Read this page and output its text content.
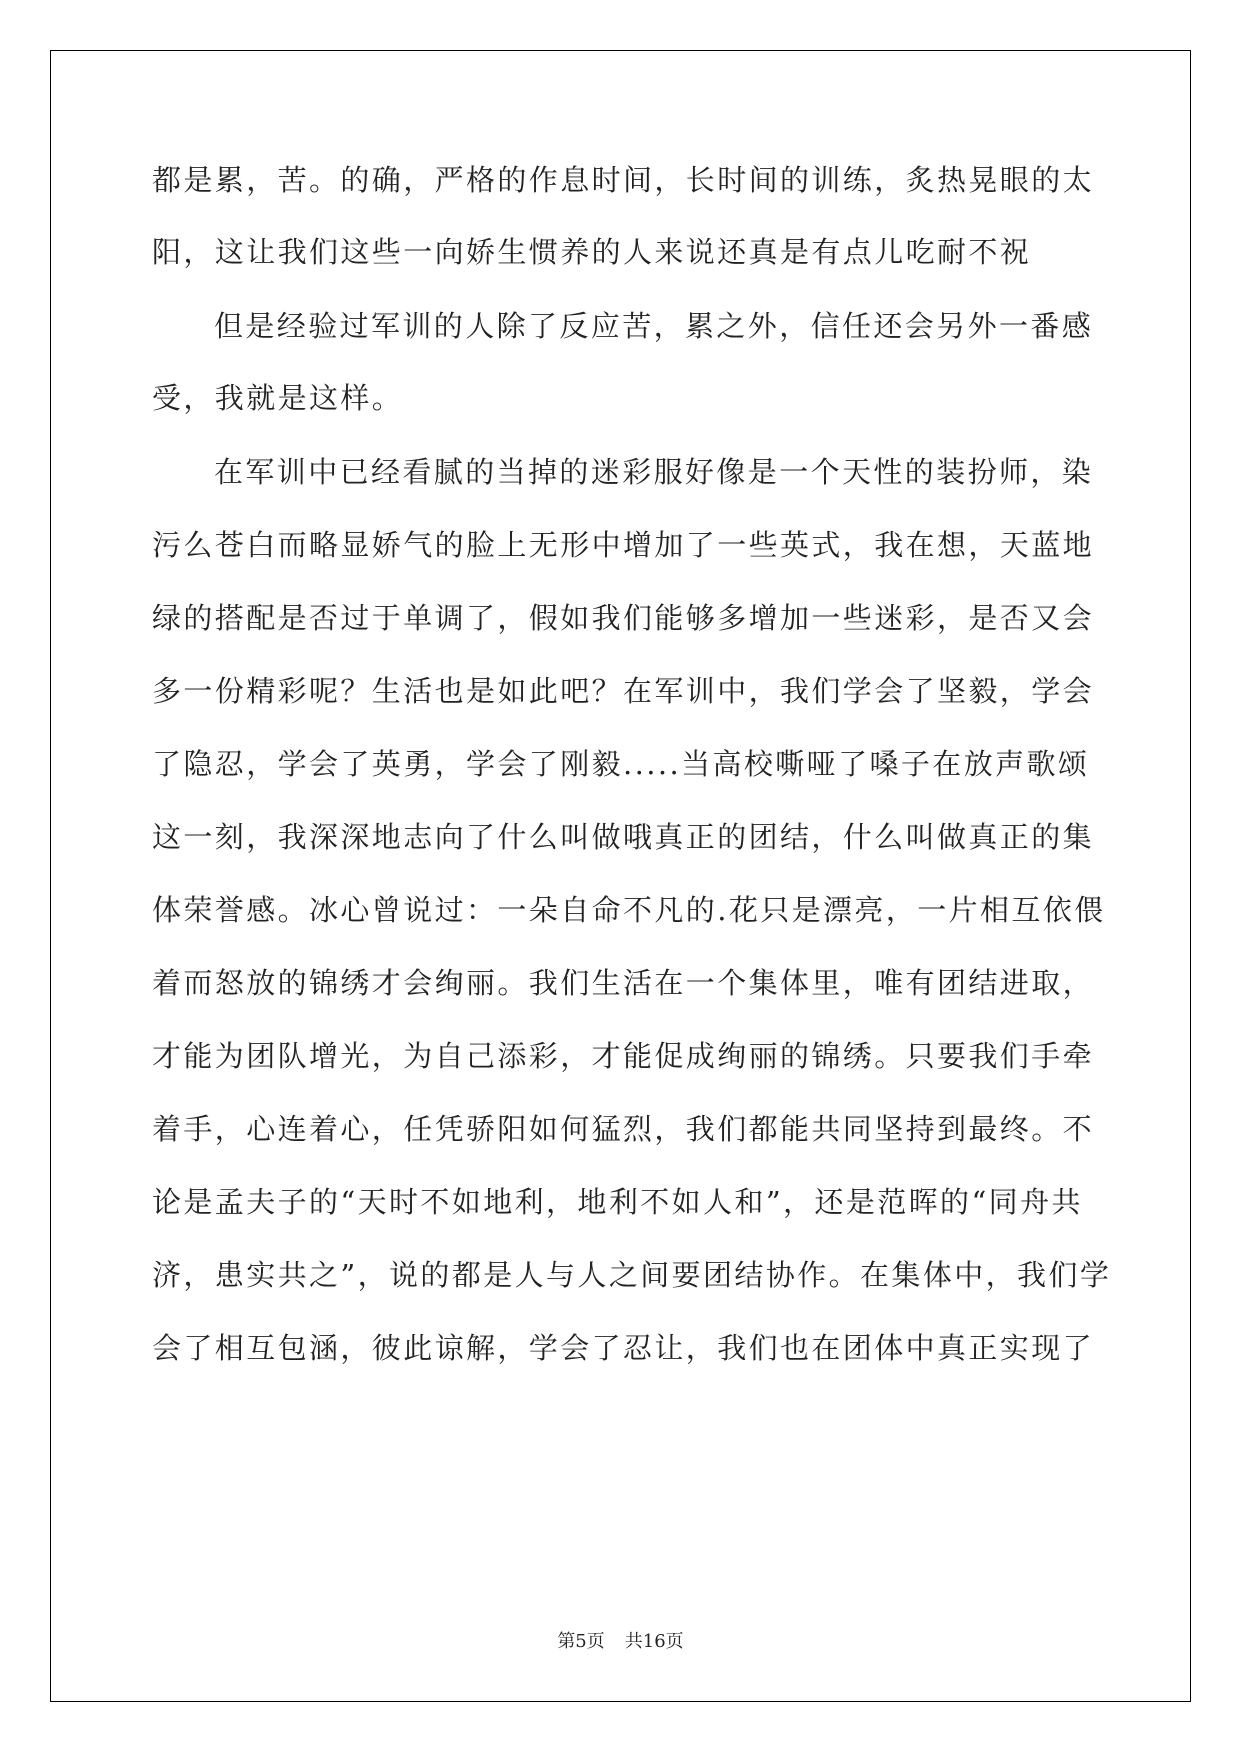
都是累，苦。的确，严格的作息时间，长时间的训练，炙热晃眼的太
阳，这让我们这些一向娇生惯养的人来说还真是有点儿吃耐不祝
但是经验过军训的人除了反应苦，累之外，信任还会另外一番感
受，我就是这样。
在军训中已经看腻的当掉的迷彩服好像是一个天性的装扮师，染
污么苍白而略显娇气的脸上无形中增加了一些英式，我在想，天蓝地
绿的搭配是否过于单调了，假如我们能够多增加一些迷彩，是否又会
多一份精彩呢？生活也是如此吧？在军训中，我们学会了坚毅，学会
了隐忍，学会了英勇，学会了刚毅.....当高校嘶哑了嗓子在放声歌颂
这一刻，我深深地志向了什么叫做哦真正的团结，什么叫做真正的集
体荣誉感。冰心曾说过：一朵自命不凡的.花只是漂亮，一片相互依偎
着而怒放的锦绣才会绚丽。我们生活在一个集体里，唯有团结进取，
才能为团队增光，为自己添彩，才能促成绚丽的锦绣。只要我们手牵
着手，心连着心，任凭骄阳如何猛烈，我们都能共同坚持到最终。不
论是孟夫子的“天时不如地利，地利不如人和”，还是范晖的“同舟共
济，患实共之”，说的都是人与人之间要团结协作。在集体中，我们学
会了相互包涵，彼此谅解，学会了忍让，我们也在团体中真正实现了
第5页 共16页
